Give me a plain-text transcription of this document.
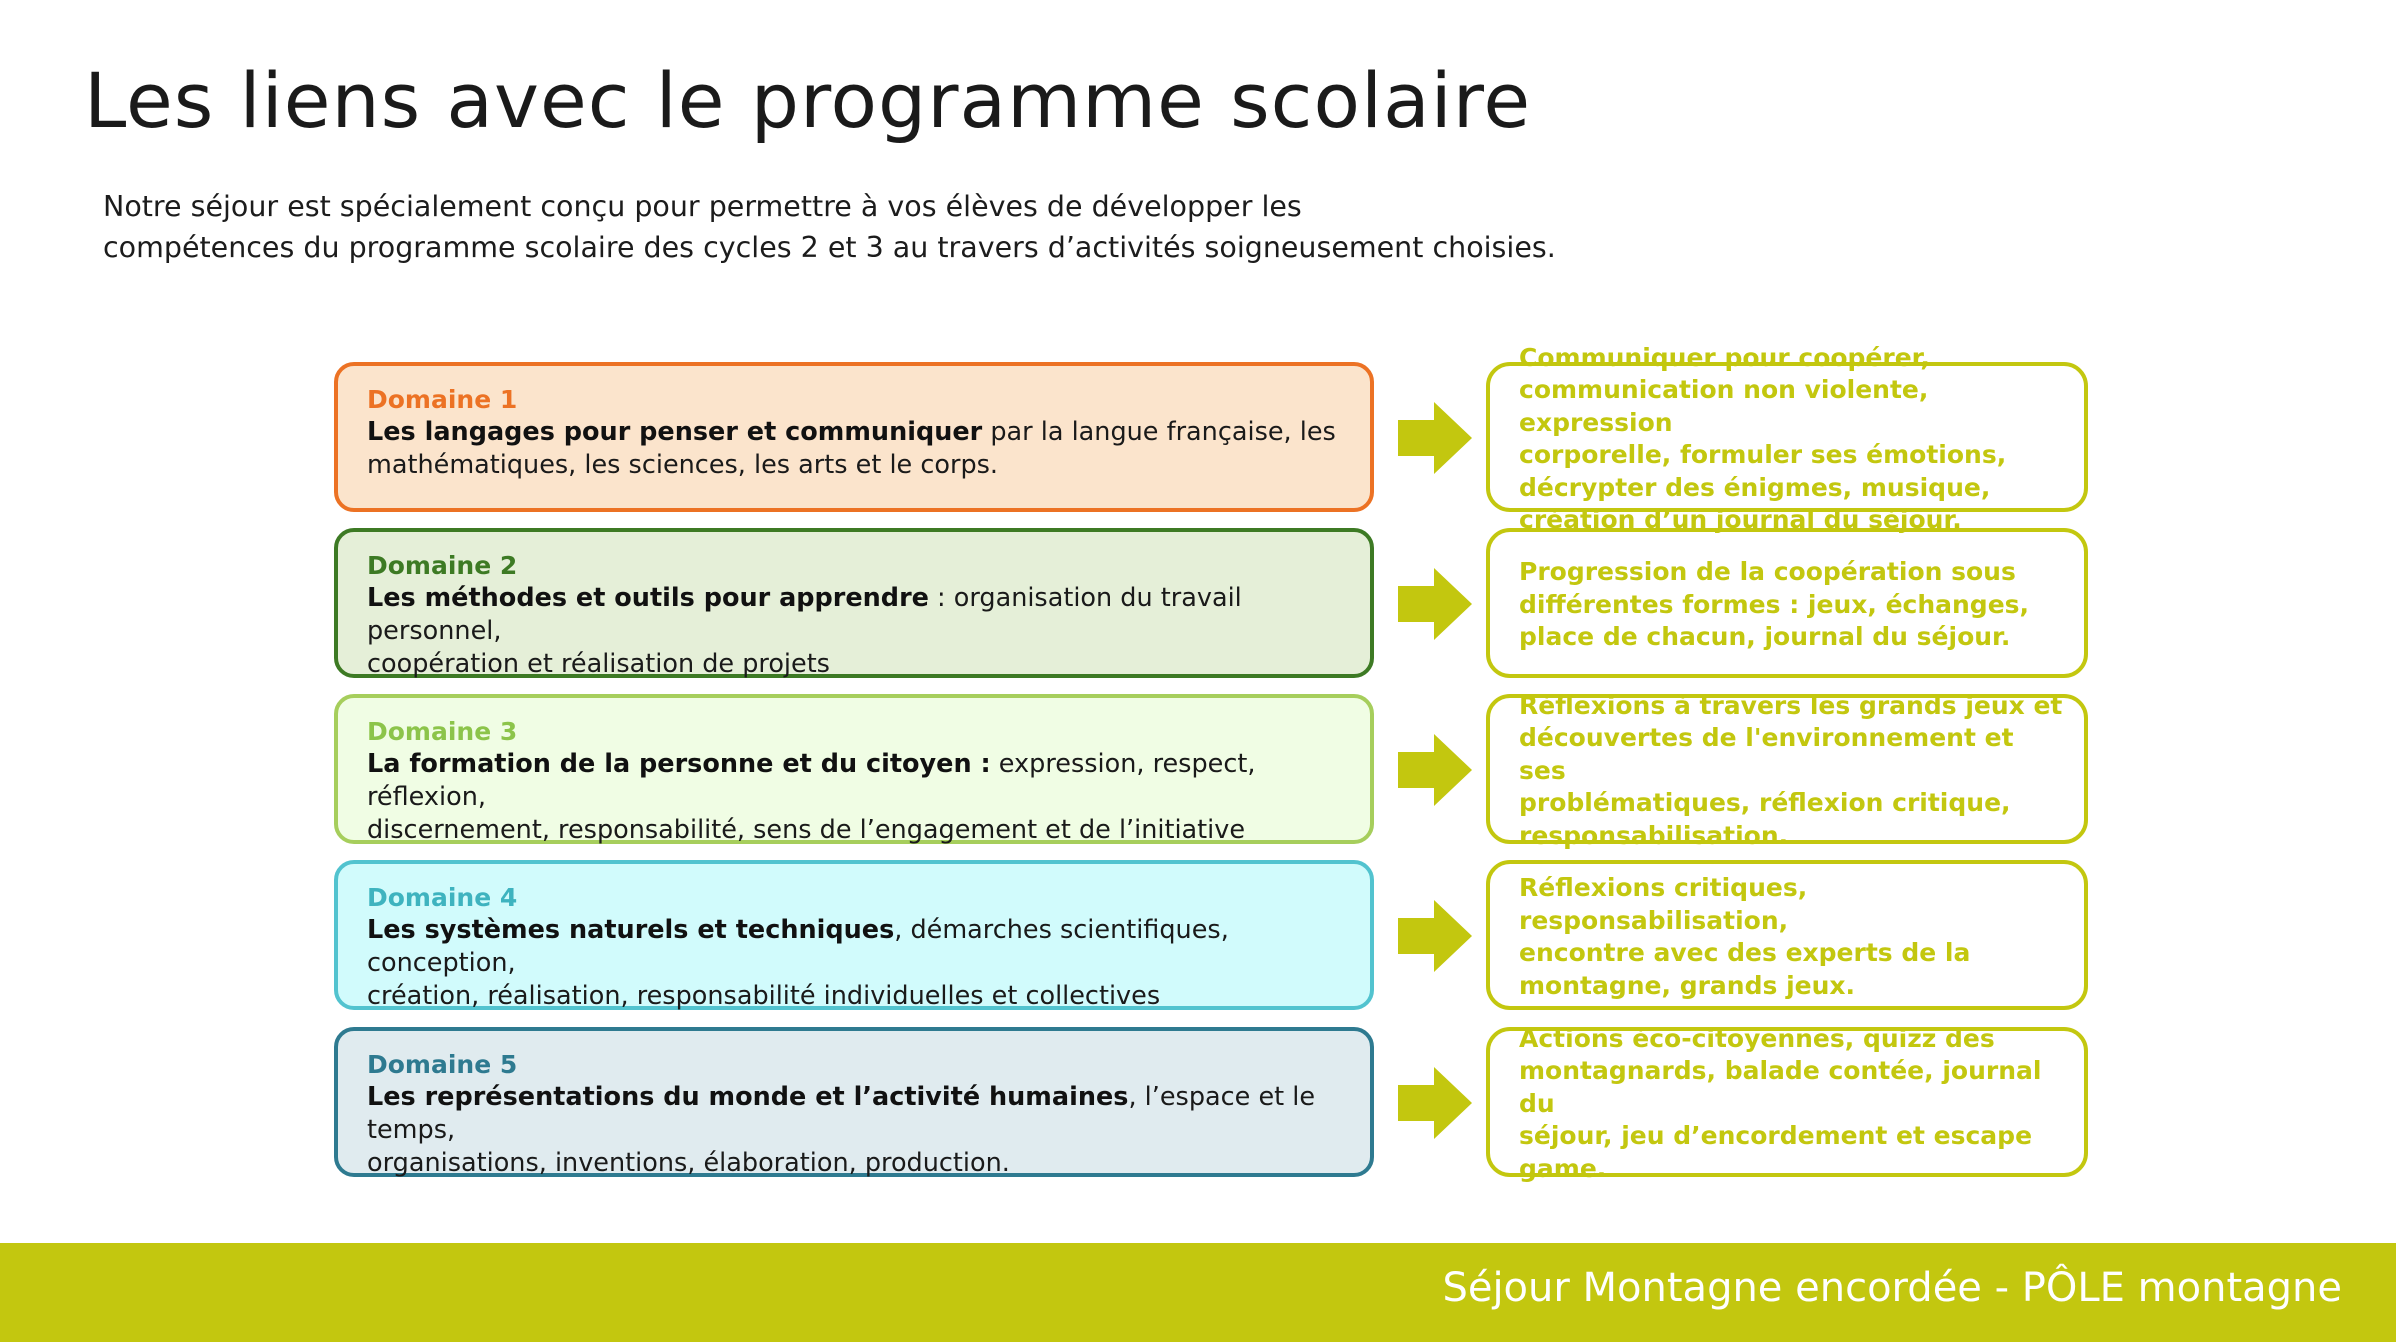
Les liens avec le programme scolaire

Notre séjour est spécialement conçu pour permettre à vos élèves de développer les
compétences du programme scolaire des cycles 2 et 3 au travers d’activités soigneusement choisies.

Domaine 1

Les langages pour penser et communiquer par la langue française, les
mathématiques, les sciences, les arts et le corps.

Communiquer pour coopérer,
communication non violente, expression
corporelle, formuler ses émotions,
décrypter des énigmes, musique,
création d’un journal du séjour.

Domaine 2

Les méthodes et outils pour apprendre : organisation du travail personnel,
coopération et réalisation de projets

Progression de la coopération sous
différentes formes : jeux, échanges,
place de chacun, journal du séjour.

Domaine 3

La formation de la personne et du citoyen : expression, respect, réflexion,
discernement, responsabilité, sens de l’engagement et de l’initiative

Réflexions à travers les grands jeux et
découvertes de l'environnement et ses
problématiques, réflexion critique,
responsabilisation.

Domaine 4

Les systèmes naturels et techniques, démarches scientifiques, conception,
création, réalisation, responsabilité individuelles et collectives

Réflexions critiques, responsabilisation,
encontre avec des experts de la
montagne, grands jeux.

Domaine 5

Les représentations du monde et l’activité humaines, l’espace et le temps,
organisations, inventions, élaboration, production.

Actions éco-citoyennes, quizz des
montagnards, balade contée, journal du
séjour, jeu d’encordement et escape
game.

Séjour Montagne encordée - PÔLE montagne
